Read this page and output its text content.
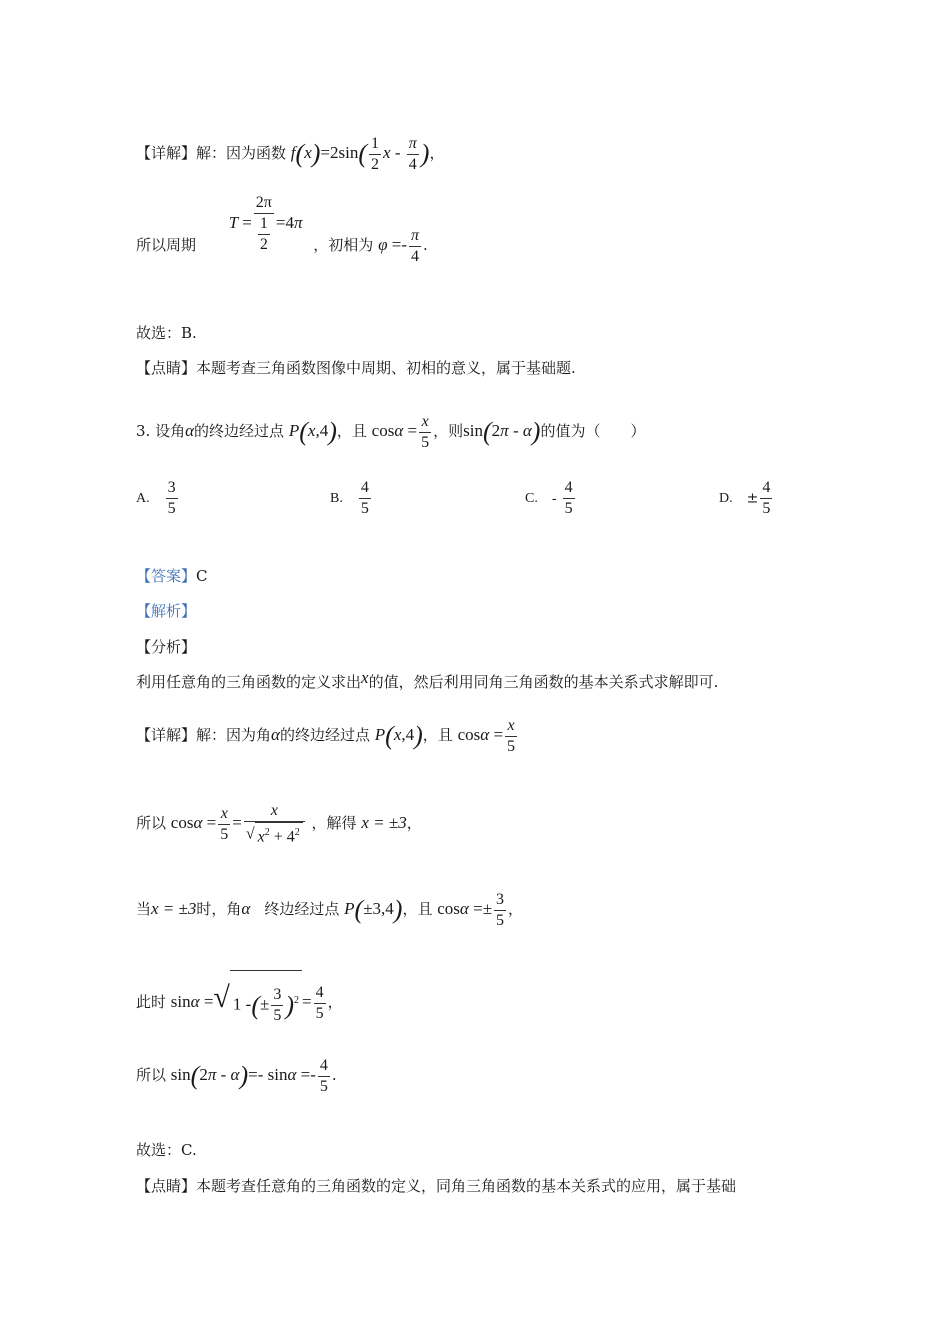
【详解】解：因为函数 $f(x)=2\sin( \frac{1}{2}$ x - $\frac{\pi}{4}$ )，
所以周期 $T = \frac{2\pi}{\frac{1}{2}} =4\pi$ ，初相为 $\varphi =- \frac{\pi}{4}$ .
故选：B.
【点睛】本题考查三角函数图像中周期、初相的意义，属于基础题.
3. 设角α的终边经过点 P(x,4)，且 $\cos\alpha = \frac{x}{5}$ ，则sin(2π - α)的值为（　　）
A. $\frac{3}{5}$	B. $\frac{4}{5}$	C. - $\frac{4}{5}$	D. ± $\frac{4}{5}$
【答案】C
【解析】
【分析】
利用任意角的三角函数的定义求出x的值，然后利用同角三角函数的基本关系式求解即可.
【详解】解：因为角α的终边经过点 P(x,4)，且 $\cos\alpha = \frac{x}{5}$
所以 $\cos\alpha = \frac{x}{5} = \frac{x}{√ x^2 + 4^2}$ ，解得 x = ±3，
当x = ±3时，角α 终边经过点 P(±3,4)，且 $\cos\alpha =\pm \frac{3}{5}$ ，
此时 sinα =√ 1 -(± $\frac{3}{5} )^2 = \frac{4}{5}$ ，
所以 sin(2π - α)=- $\sin\alpha =- \frac{4}{5}$ .
故选：C.
【点睛】本题考查任意角的三角函数的定义，同角三角函数的基本关系式的应用，属于基础
